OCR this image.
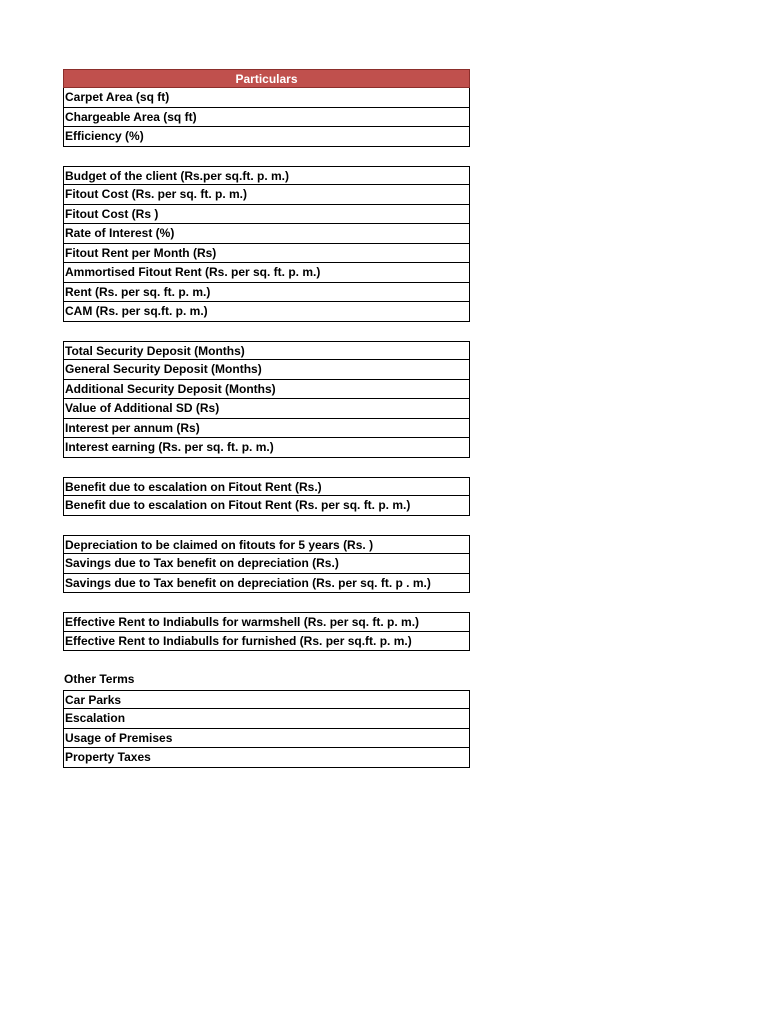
Particulars
Carpet Area (sq ft)
Chargeable Area (sq ft)
Efficiency (%)
Budget of the client (Rs.per sq.ft. p. m.)
Fitout Cost (Rs. per sq. ft. p. m.)
Fitout Cost (Rs )
Rate of Interest (%)
Fitout Rent per Month (Rs)
Ammortised Fitout Rent (Rs. per sq. ft. p. m.)
Rent (Rs. per sq. ft. p. m.)
CAM (Rs. per sq.ft. p. m.)
Total Security Deposit (Months)
General Security Deposit (Months)
Additional Security Deposit (Months)
Value of Additional SD (Rs)
Interest per annum (Rs)
Interest earning (Rs. per sq. ft. p. m.)
Benefit due to escalation on Fitout Rent (Rs.)
Benefit due to escalation on Fitout Rent (Rs. per sq. ft. p. m.)
Depreciation to be claimed on fitouts for 5 years (Rs. )
Savings due to Tax benefit on depreciation (Rs.)
Savings due to Tax benefit on depreciation (Rs. per sq. ft. p . m.)
Effective Rent to Indiabulls for warmshell (Rs. per sq. ft. p. m.)
Effective Rent to Indiabulls for furnished (Rs. per sq.ft. p. m.)
Other Terms
Car Parks
Escalation
Usage of Premises
Property Taxes
